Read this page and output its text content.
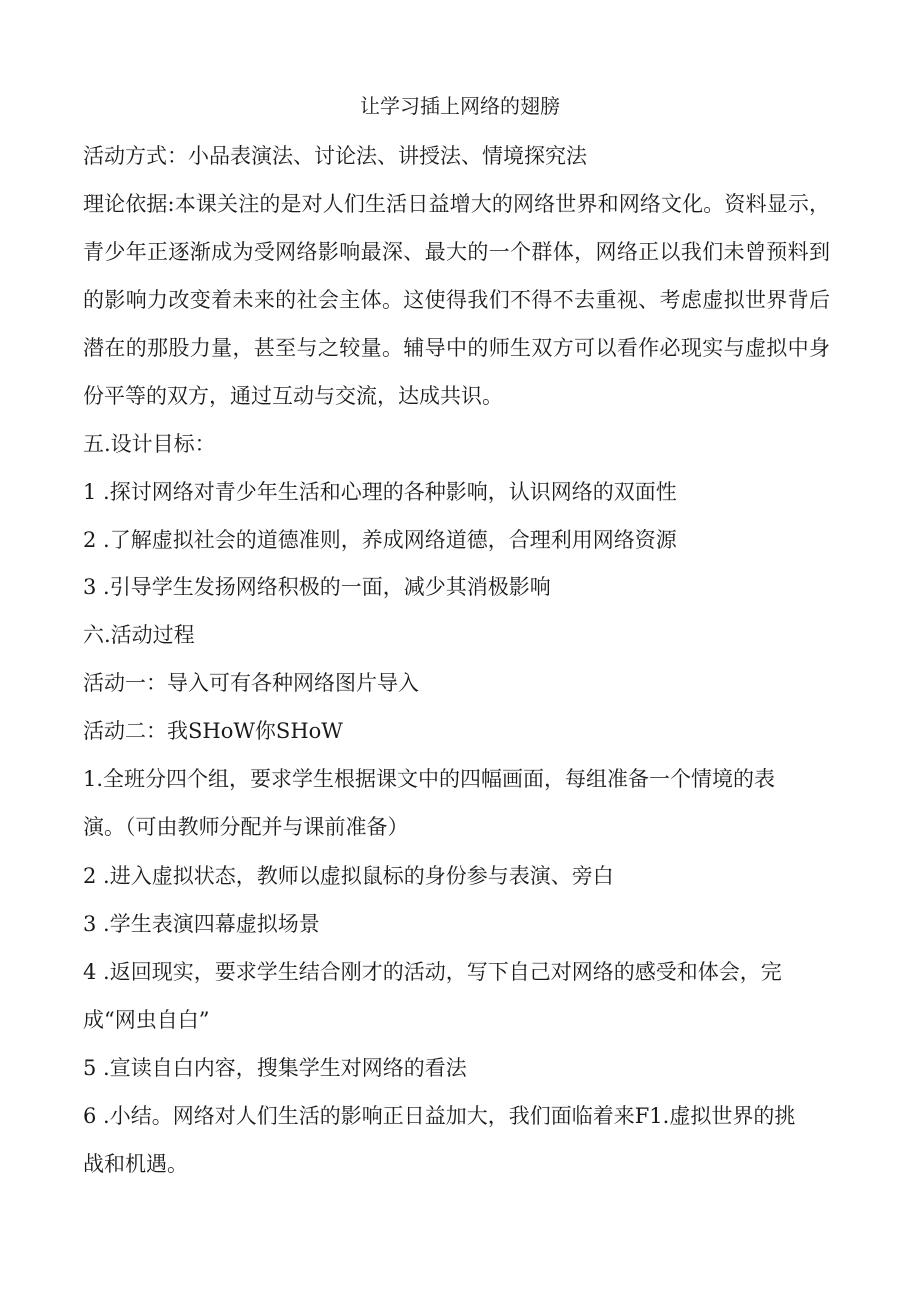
让学习插上网络的翅膀
活动方式：小品表演法、讨论法、讲授法、情境探究法
理论依据:本课关注的是对人们生活日益增大的网络世界和网络文化。资料显示，
青少年正逐渐成为受网络影响最深、最大的一个群体，网络正以我们未曾预料到
的影响力改变着未来的社会主体。这使得我们不得不去重视、考虑虚拟世界背后
潜在的那股力量，甚至与之较量。辅导中的师生双方可以看作必现实与虚拟中身
份平等的双方，通过互动与交流，达成共识。
五.设计目标：
1 .探讨网络对青少年生活和心理的各种影响，认识网络的双面性
2 .了解虚拟社会的道德准则，养成网络道德，合理利用网络资源
3 .引导学生发扬网络积极的一面，减少其消极影响
六.活动过程
活动一：导入可有各种网络图片导入
活动二：我SHoW你SHoW
1.全班分四个组，要求学生根据课文中的四幅画面，每组准备一个情境的表
演。（可由教师分配并与课前准备）
2 .进入虚拟状态，教师以虚拟鼠标的身份参与表演、旁白
3 .学生表演四幕虚拟场景
4 .返回现实，要求学生结合刚才的活动，写下自己对网络的感受和体会，完
成“网虫自白”
5 .宣读自白内容，搜集学生对网络的看法
6 .小结。网络对人们生活的影响正日益加大，我们面临着来F1.虚拟世界的挑
战和机遇。
